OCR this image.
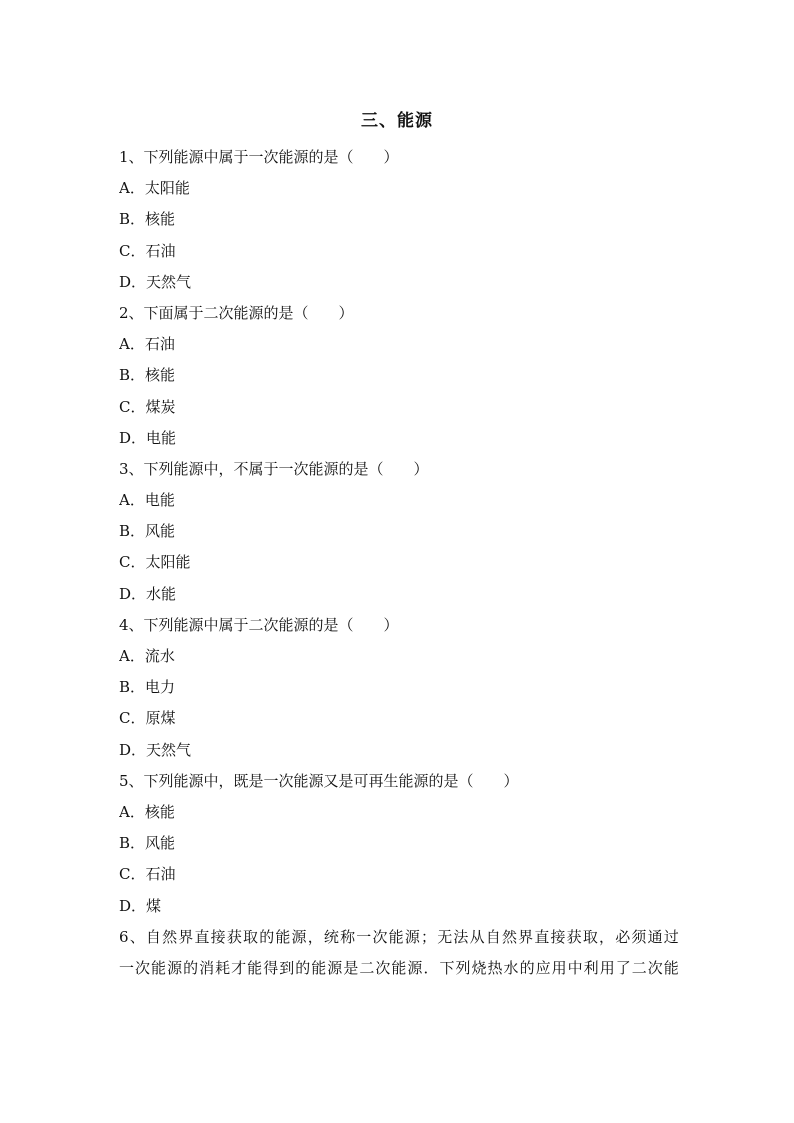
三、能源
1、下列能源中属于一次能源的是（　　）
A．太阳能
B．核能
C．石油
D．天然气
2、下面属于二次能源的是（　　）
A．石油
B．核能
C．煤炭
D．电能
3、下列能源中，不属于一次能源的是（　　）
A．电能
B．风能
C．太阳能
D．水能
4、下列能源中属于二次能源的是（　　）
A．流水
B．电力
C．原煤
D．天然气
5、下列能源中，既是一次能源又是可再生能源的是（　　）
A．核能
B．风能
C．石油
D．煤
6、自然界直接获取的能源，统称一次能源；无法从自然界直接获取，必须通过
一次能源的消耗才能得到的能源是二次能源．下列烧热水的应用中利用了二次能
